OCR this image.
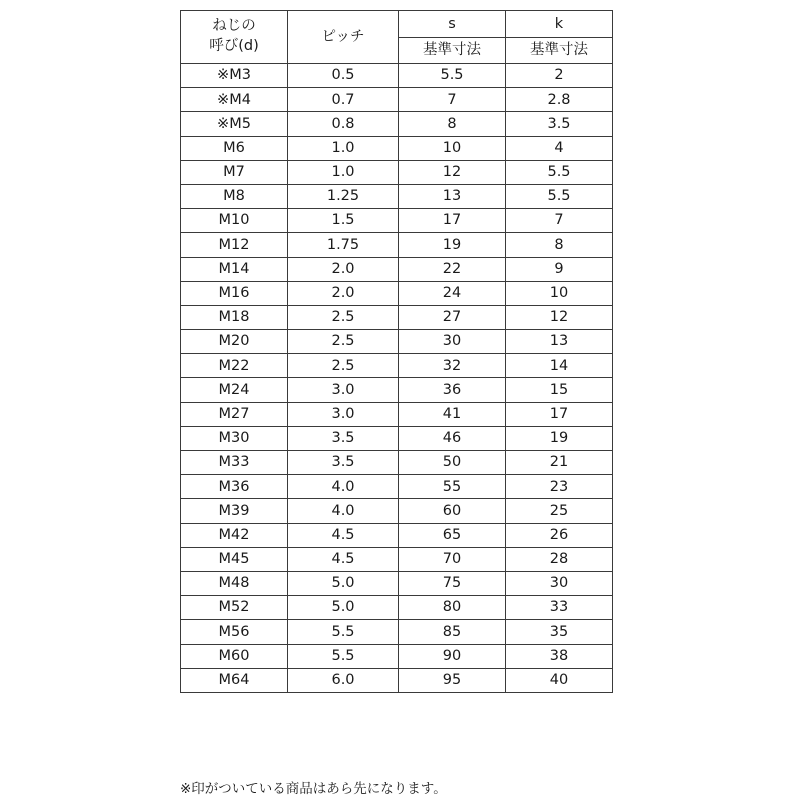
ねじの
呼び(d)	ピッチ	s	k
		基準寸法	基準寸法
※M3	0.5	5.5	2
※M4	0.7	7	2.8
※M5	0.8	8	3.5
M6	1.0	10	4
M7	1.0	12	5.5
M8	1.25	13	5.5
M10	1.5	17	7
M12	1.75	19	8
M14	2.0	22	9
M16	2.0	24	10
M18	2.5	27	12
M20	2.5	30	13
M22	2.5	32	14
M24	3.0	36	15
M27	3.0	41	17
M30	3.5	46	19
M33	3.5	50	21
M36	4.0	55	23
M39	4.0	60	25
M42	4.5	65	26
M45	4.5	70	28
M48	5.0	75	30
M52	5.0	80	33
M56	5.5	85	35
M60	5.5	90	38
M64	6.0	95	40
※印がついている商品はあら先になります。
